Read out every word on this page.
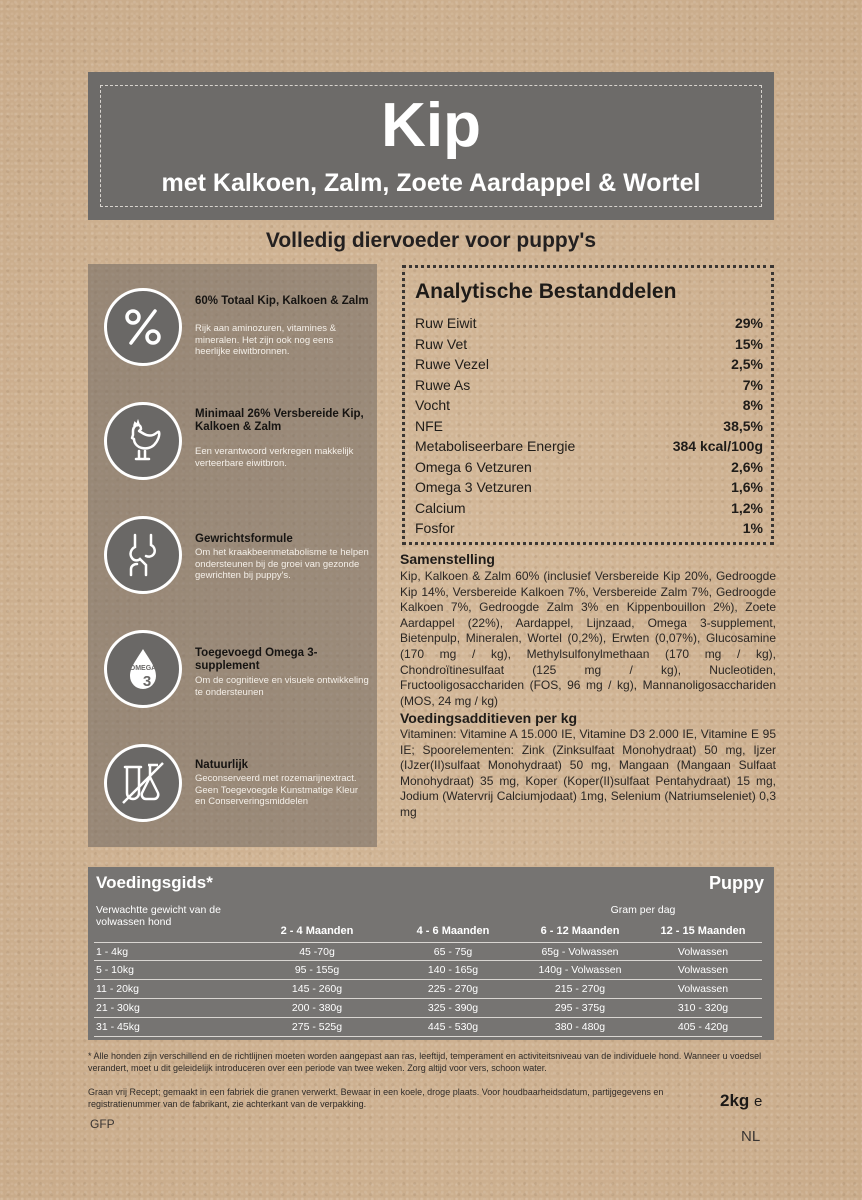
Kip
met Kalkoen, Zalm, Zoete Aardappel & Wortel
Volledig diervoeder voor puppy's
60% Totaal Kip, Kalkoen & Zalm
Rijk aan aminozuren, vitamines & mineralen. Het zijn ook nog eens heerlijke eiwitbronnen.
Minimaal 26% Versbereide Kip, Kalkoen & Zalm
Een verantwoord verkregen makkelijk verteerbare eiwitbron.
Gewrichtsformule
Om het kraakbeenmetabolisme te helpen ondersteunen bij de groei van gezonde gewrichten bij puppy's.
OMEGA
3
Toegevoegd Omega 3-supplement
Om de cognitieve en visuele ontwikkeling te ondersteunen
Natuurlijk
Geconserveerd met rozemarijnextract. Geen Toegevoegde Kunstmatige Kleur en Conserveringsmiddelen
Analytische Bestanddelen
Ruw Eiwit	29%
Ruw Vet	15%
Ruwe Vezel	2,5%
Ruwe As	7%
Vocht	8%
NFE	38,5%
Metaboliseerbare Energie	384 kcal/100g
Omega 6 Vetzuren	2,6%
Omega 3 Vetzuren	1,6%
Calcium	1,2%
Fosfor	1%
Samenstelling
Kip, Kalkoen & Zalm 60% (inclusief Versbereide Kip 20%, Gedroogde Kip 14%, Versbereide Kalkoen 7%, Versbereide Zalm 7%, Gedroogde Kalkoen 7%, Gedroogde Zalm 3% en Kippenbouillon 2%), Zoete Aardappel (22%), Aardappel, Lijnzaad, Omega 3-supplement, Bietenpulp, Mineralen, Wortel (0,2%), Erwten (0,07%), Glucosamine (170 mg / kg), Methylsulfonylmethaan (170 mg / kg), Chondroïtinesulfaat (125 mg / kg), Nucleotiden, Fructooligosacchariden (FOS, 96 mg / kg), Mannanoligosacchariden (MOS, 24 mg / kg)
Voedingsadditieven per kg
Vitaminen: Vitamine A 15.000 IE, Vitamine D3 2.000 IE, Vitamine E 95 IE; Spoorelementen: Zink (Zinksulfaat Monohydraat) 50 mg, Ijzer (IJzer(II)sulfaat Monohydraat) 50 mg, Mangaan (Mangaan Sulfaat Monohydraat) 35 mg, Koper (Koper(II)sulfaat Pentahydraat) 15 mg, Jodium (Watervrij Calciumjodaat) 1mg, Selenium (Natriumseleniet) 0,3 mg
Voedingsgids*	Puppy
Verwachtte gewicht van de volwassen hond
Gram per dag
2 - 4 Maanden	4 - 6 Maanden	6 - 12 Maanden	12 - 15 Maanden
1 - 4kg	45 -70g	65 - 75g	65g - Volwassen	Volwassen
5 - 10kg	95 - 155g	140 - 165g	140g - Volwassen	Volwassen
11 - 20kg	145 - 260g	225 - 270g	215 - 270g	Volwassen
21 - 30kg	200 - 380g	325 - 390g	295 - 375g	310 - 320g
31 - 45kg	275 - 525g	445 - 530g	380 - 480g	405 - 420g
* Alle honden zijn verschillend en de richtlijnen moeten worden aangepast aan ras, leeftijd, temperament en activiteitsniveau van de individuele hond. Wanneer u voedsel verandert, moet u dit geleidelijk introduceren over een periode van twee weken. Zorg altijd voor vers, schoon water.
Graan vrij Recept; gemaakt in een fabriek die granen verwerkt. Bewaar in een koele, droge plaats. Voor houdbaarheidsdatum, partijgegevens en registratienummer van de fabrikant, zie achterkant van de verpakking.	2kg e
GFP
NL
